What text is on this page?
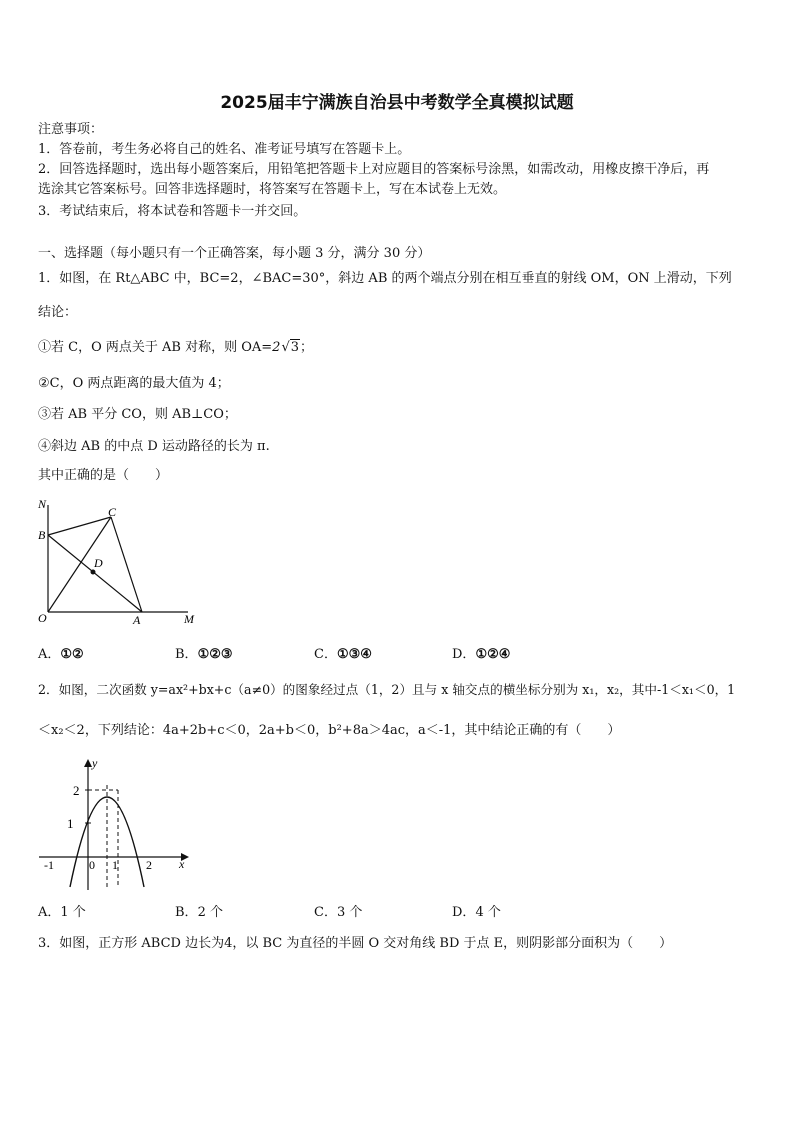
2025届丰宁满族自治县中考数学全真模拟试题
注意事项：
1．答卷前，考生务必将自己的姓名、准考证号填写在答题卡上。
2．回答选择题时，选出每小题答案后，用铅笔把答题卡上对应题目的答案标号涂黑，如需改动，用橡皮擦干净后，再
选涂其它答案标号。回答非选择题时，将答案写在答题卡上，写在本试卷上无效。
3．考试结束后，将本试卷和答题卡一并交回。
一、选择题（每小题只有一个正确答案，每小题 3 分，满分 30 分）
1．如图，在 Rt△ABC 中，BC=2，∠BAC=30°，斜边 AB 的两个端点分别在相互垂直的射线 OM，ON 上滑动，下列
结论：
①若 C，O 两点关于 AB 对称，则 OA=2√3；
②C，O 两点距离的最大值为 4；
③若 AB 平分 CO，则 AB⊥CO；
④斜边 AB 的中点 D 运动路径的长为 π.
其中正确的是（　　）
N
C
B
D
O	A	M
A．①②	B．①②③	C．①③④	D．①②④
2．如图，二次函数 y=ax²+bx+c（a≠0）的图象经过点（1，2）且与 x 轴交点的横坐标分别为 x₁，x₂，其中-1＜x₁＜0，1
＜x₂＜2，下列结论：4a+2b+c＜0，2a+b＜0，b²+8a＞4ac，a＜-1，其中结论正确的有（　　）
y
x
2
1
-1	0 1 2
A．1 个	B．2 个	C．3 个	D．4 个
3．如图，正方形 ABCD 边长为4，以 BC 为直径的半圆 O 交对角线 BD 于点 E，则阴影部分面积为（　　）
